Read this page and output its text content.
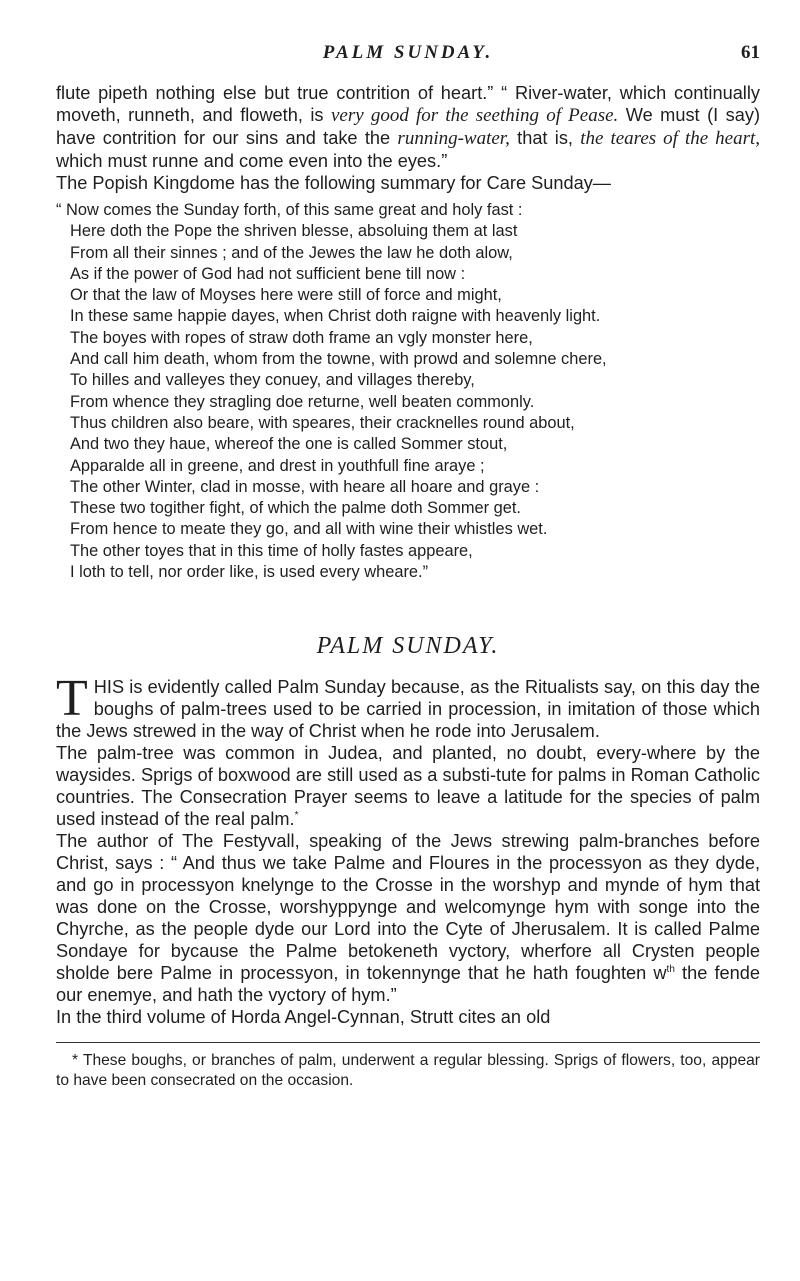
PALM SUNDAY.	61

flute pipeth nothing else but true contrition of heart.” “ River-water, which continually moveth, runneth, and floweth, is very good for the seething of Pease. We must (I say) have contrition for our sins and take the running-water, that is, the teares of the heart, which must runne and come even into the eyes.”

The Popish Kingdome has the following summary for Care Sunday—

“ Now comes the Sunday forth, of this same great and holy fast :
Here doth the Pope the shriven blesse, absoluing them at last
From all their sinnes ; and of the Jewes the law he doth alow,
As if the power of God had not sufficient bene till now :
Or that the law of Moyses here were still of force and might,
In these same happie dayes, when Christ doth raigne with heavenly light.
The boyes with ropes of straw doth frame an vgly monster here,
And call him death, whom from the towne, with prowd and solemne chere,
To hilles and valleyes they conuey, and villages thereby,
From whence they stragling doe returne, well beaten commonly.
Thus children also beare, with speares, their cracknelles round about,
And two they haue, whereof the one is called Sommer stout,
Apparalde all in greene, and drest in youthfull fine araye ;
The other Winter, clad in mosse, with heare all hoare and graye :
These two togither fight, of which the palme doth Sommer get.
From hence to meate they go, and all with wine their whistles wet.
The other toyes that in this time of holly fastes appeare,
I loth to tell, nor order like, is used every wheare.”
PALM SUNDAY.

THIS is evidently called Palm Sunday because, as the Ritualists say, on this day the boughs of palm-trees used to be carried in procession, in imitation of those which the Jews strewed in the way of Christ when he rode into Jerusalem.

The palm-tree was common in Judea, and planted, no doubt, every-where by the waysides. Sprigs of boxwood are still used as a substi-tute for palms in Roman Catholic countries. The Consecration Prayer seems to leave a latitude for the species of palm used instead of the real palm.*

The author of The Festyvall, speaking of the Jews strewing palm-branches before Christ, says : “ And thus we take Palme and Floures in the processyon as they dyde, and go in processyon knelynge to the Crosse in the worshyp and mynde of hym that was done on the Crosse, worshyppynge and welcomynge hym with songe into the Chyrche, as the people dyde our Lord into the Cyte of Jherusalem. It is called Palme Sondaye for bycause the Palme betokeneth vyctory, wherfore all Crysten people sholde bere Palme in processyon, in tokennynge that he hath foughten $w^{th}$ the fende our enemye, and hath the vyctory of hym.”

In the third volume of Horda Angel-Cynnan, Strutt cites an old

* These boughs, or branches of palm, underwent a regular blessing. Sprigs of flowers, too, appear to have been consecrated on the occasion.
